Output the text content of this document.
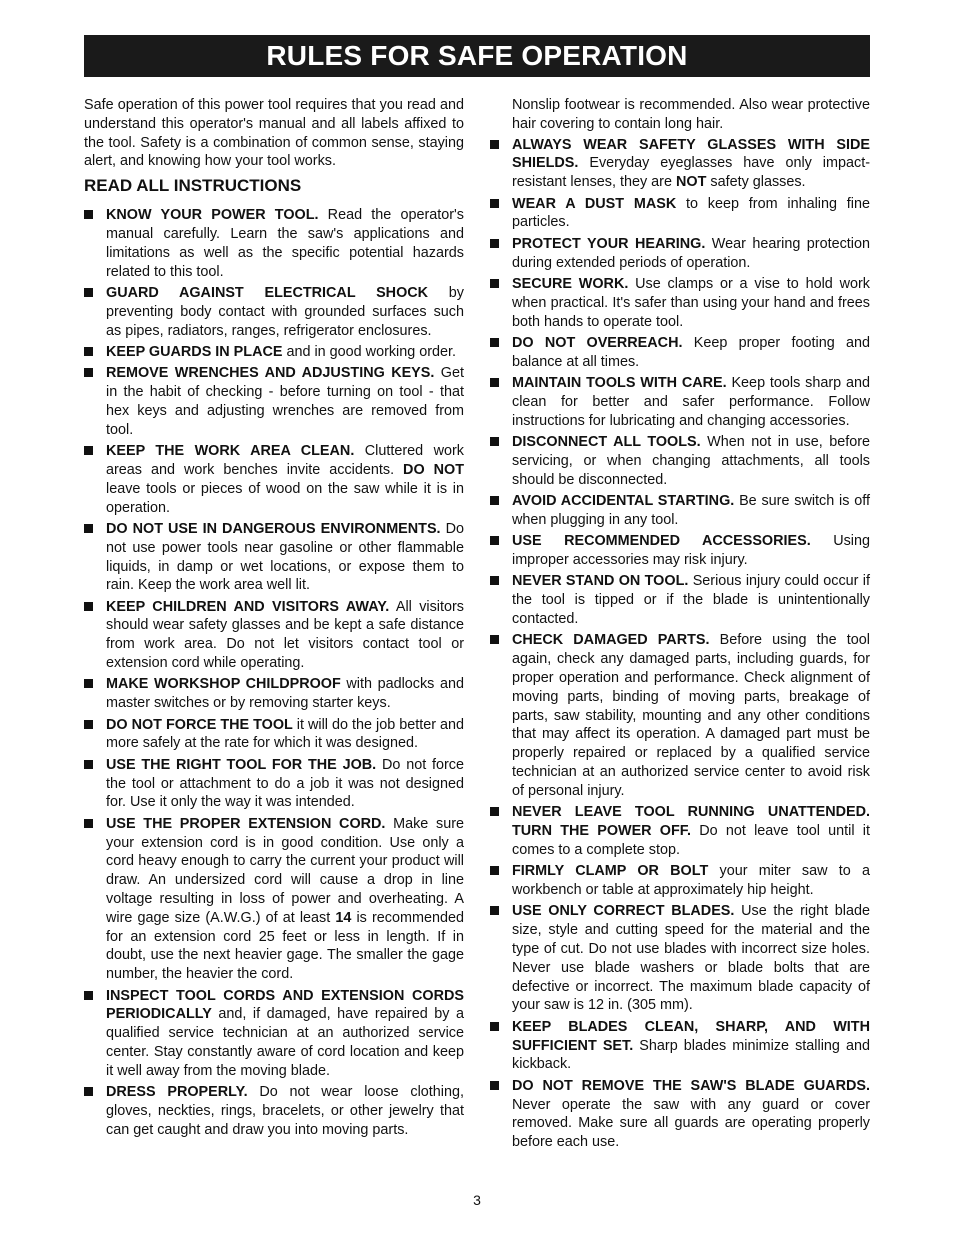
RULES FOR SAFE OPERATION

Safe operation of this power tool requires that you read and understand this operator's manual and all labels affixed to the tool. Safety is a combination of common sense, staying alert, and knowing how your tool works.

READ ALL INSTRUCTIONS
KNOW YOUR POWER TOOL. Read the operator's manual carefully. Learn the saw's applications and limitations as well as the specific potential hazards related to this tool.
GUARD AGAINST ELECTRICAL SHOCK by preventing body contact with grounded surfaces such as pipes, radiators, ranges, refrigerator enclosures.
KEEP GUARDS IN PLACE and in good working order.
REMOVE WRENCHES AND ADJUSTING KEYS. Get in the habit of checking - before turning on tool - that hex keys and adjusting wrenches are removed from tool.
KEEP THE WORK AREA CLEAN. Cluttered work areas and work benches invite accidents. DO NOT leave tools or pieces of wood on the saw while it is in operation.
DO NOT USE IN DANGEROUS ENVIRONMENTS. Do not use power tools near gasoline or other flammable liquids, in damp or wet locations, or expose them to rain. Keep the work area well lit.
KEEP CHILDREN AND VISITORS AWAY. All visitors should wear safety glasses and be kept a safe distance from work area. Do not let visitors contact tool or extension cord while operating.
MAKE WORKSHOP CHILDPROOF with padlocks and master switches or by removing starter keys.
DO NOT FORCE THE TOOL it will do the job better and more safely at the rate for which it was designed.
USE THE RIGHT TOOL FOR THE JOB. Do not force the tool or attachment to do a job it was not designed for. Use it only the way it was intended.
USE THE PROPER EXTENSION CORD. Make sure your extension cord is in good condition. Use only a cord heavy enough to carry the current your product will draw. An undersized cord will cause a drop in line voltage resulting in loss of power and overheating. A wire gage size (A.W.G.) of at least 14 is recommended for an extension cord 25 feet or less in length. If in doubt, use the next heavier gage. The smaller the gage number, the heavier the cord.
INSPECT TOOL CORDS AND EXTENSION CORDS PERIODICALLY and, if damaged, have repaired by a qualified service technician at an authorized service center. Stay constantly aware of cord location and keep it well away from the moving blade.
DRESS PROPERLY. Do not wear loose clothing, gloves, neckties, rings, bracelets, or other jewelry that can get caught and draw you into moving parts.

Nonslip footwear is recommended. Also wear protective hair covering to contain long hair.

ALWAYS WEAR SAFETY GLASSES WITH SIDE SHIELDS. Everyday eyeglasses have only impact-resistant lenses, they are NOT safety glasses.
WEAR A DUST MASK to keep from inhaling fine particles.
PROTECT YOUR HEARING. Wear hearing protection during extended periods of operation.
SECURE WORK. Use clamps or a vise to hold work when practical. It's safer than using your hand and frees both hands to operate tool.
DO NOT OVERREACH. Keep proper footing and balance at all times.
MAINTAIN TOOLS WITH CARE. Keep tools sharp and clean for better and safer performance. Follow instructions for lubricating and changing accessories.
DISCONNECT ALL TOOLS. When not in use, before servicing, or when changing attachments, all tools should be disconnected.
AVOID ACCIDENTAL STARTING. Be sure switch is off when plugging in any tool.
USE RECOMMENDED ACCESSORIES. Using improper accessories may risk injury.
NEVER STAND ON TOOL. Serious injury could occur if the tool is tipped or if the blade is unintentionally contacted.
CHECK DAMAGED PARTS. Before using the tool again, check any damaged parts, including guards, for proper operation and performance. Check alignment of moving parts, binding of moving parts, breakage of parts, saw stability, mounting and any other conditions that may affect its operation. A damaged part must be properly repaired or replaced by a qualified service technician at an authorized service center to avoid risk of personal injury.
NEVER LEAVE TOOL RUNNING UNATTENDED. TURN THE POWER OFF. Do not leave tool until it comes to a complete stop.
FIRMLY CLAMP OR BOLT your miter saw to a workbench or table at approximately hip height.
USE ONLY CORRECT BLADES. Use the right blade size, style and cutting speed for the material and the type of cut. Do not use blades with incorrect size holes. Never use blade washers or blade bolts that are defective or incorrect. The maximum blade capacity of your saw is 12 in. (305 mm).
KEEP BLADES CLEAN, SHARP, AND WITH SUFFICIENT SET. Sharp blades minimize stalling and kickback.
DO NOT REMOVE THE SAW'S BLADE GUARDS. Never operate the saw with any guard or cover removed. Make sure all guards are operating properly before each use.
3
